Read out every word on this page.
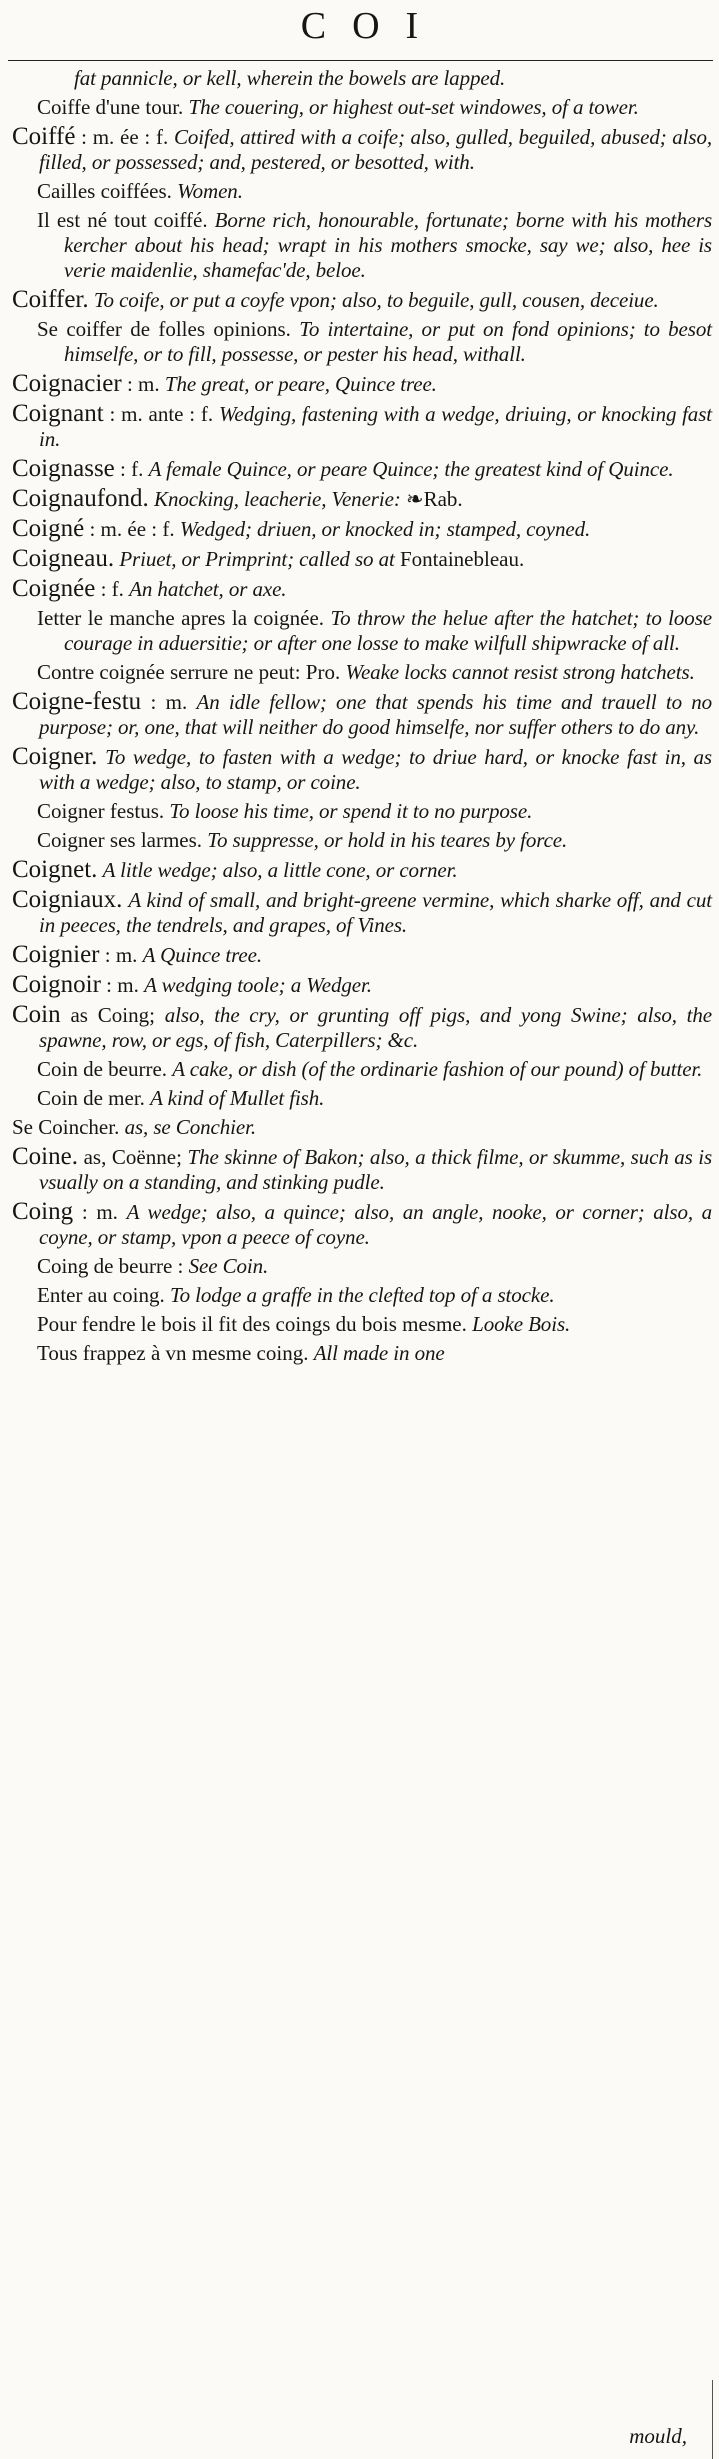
COI

fat pannicle, or kell, wherein the bowels are lapped.

Coiffe d'une tour. The couering, or highest out-set windowes, of a tower.

Coiffé : m. ée : f. Coifed, attired with a coife; also, gulled, beguiled, abused; also, filled, or possessed; and, pestered, or besotted, with.

Cailles coiffées. Women.

Il est né tout coiffé. Borne rich, honourable, fortunate; borne with his mothers kercher about his head; wrapt in his mothers smocke, say we; also, hee is verie maidenlie, shamefac'de, beloe.

Coiffer. To coife, or put a coyfe vpon; also, to beguile, gull, cousen, deceiue.

Se coiffer de folles opinions. To intertaine, or put on fond opinions; to besot himselfe, or to fill, possesse, or pester his head, withall.

Coignacier : m. The great, or peare, Quince tree.

Coignant : m. ante : f. Wedging, fastening with a wedge, driuing, or knocking fast in.

Coignasse : f. A female Quince, or peare Quince; the greatest kind of Quince.

Coignaufond. Knocking, leacherie, Venerie: ❧Rab.

Coigné : m. ée : f. Wedged; driuen, or knocked in; stamped, coyned.

Coigneau. Priuet, or Primprint; called so at Fontainebleau.

Coignée : f. An hatchet, or axe.

Ietter le manche apres la coignée. To throw the helue after the hatchet; to loose courage in aduersitie; or after one losse to make wilfull shipwracke of all.

Contre coignée serrure ne peut: Pro. Weake locks cannot resist strong hatchets.

Coigne-festu : m. An idle fellow; one that spends his time and trauell to no purpose; or, one, that will neither do good himselfe, nor suffer others to do any.

Coigner. To wedge, to fasten with a wedge; to driue hard, or knocke fast in, as with a wedge; also, to stamp, or coine.

Coigner festus. To loose his time, or spend it to no purpose.

Coigner ses larmes. To suppresse, or hold in his teares by force.

Coignet. A litle wedge; also, a little cone, or corner.

Coigniaux. A kind of small, and bright-greene vermine, which sharke off, and cut in peeces, the tendrels, and grapes, of Vines.

Coignier : m. A Quince tree.

Coignoir : m. A wedging toole; a Wedger.

Coin as Coing; also, the cry, or grunting off pigs, and yong Swine; also, the spawne, row, or egs, of fish, Caterpillers; &c.

Coin de beurre. A cake, or dish (of the ordinarie fashion of our pound) of butter.

Coin de mer. A kind of Mullet fish.

Se Coincher. as, se Conchier.

Coine. as, Coënne; The skinne of Bakon; also, a thick filme, or skumme, such as is vsually on a standing, and stinking pudle.

Coing : m. A wedge; also, a quince; also, an angle, nooke, or corner; also, a coyne, or stamp, vpon a peece of coyne.

Coing de beurre : See Coin.

Enter au coing. To lodge a graffe in the clefted top of a stocke.

Pour fendre le bois il fit des coings du bois mesme. Looke Bois.

Tous frappez à vn mesme coing. All made in one

mould,
